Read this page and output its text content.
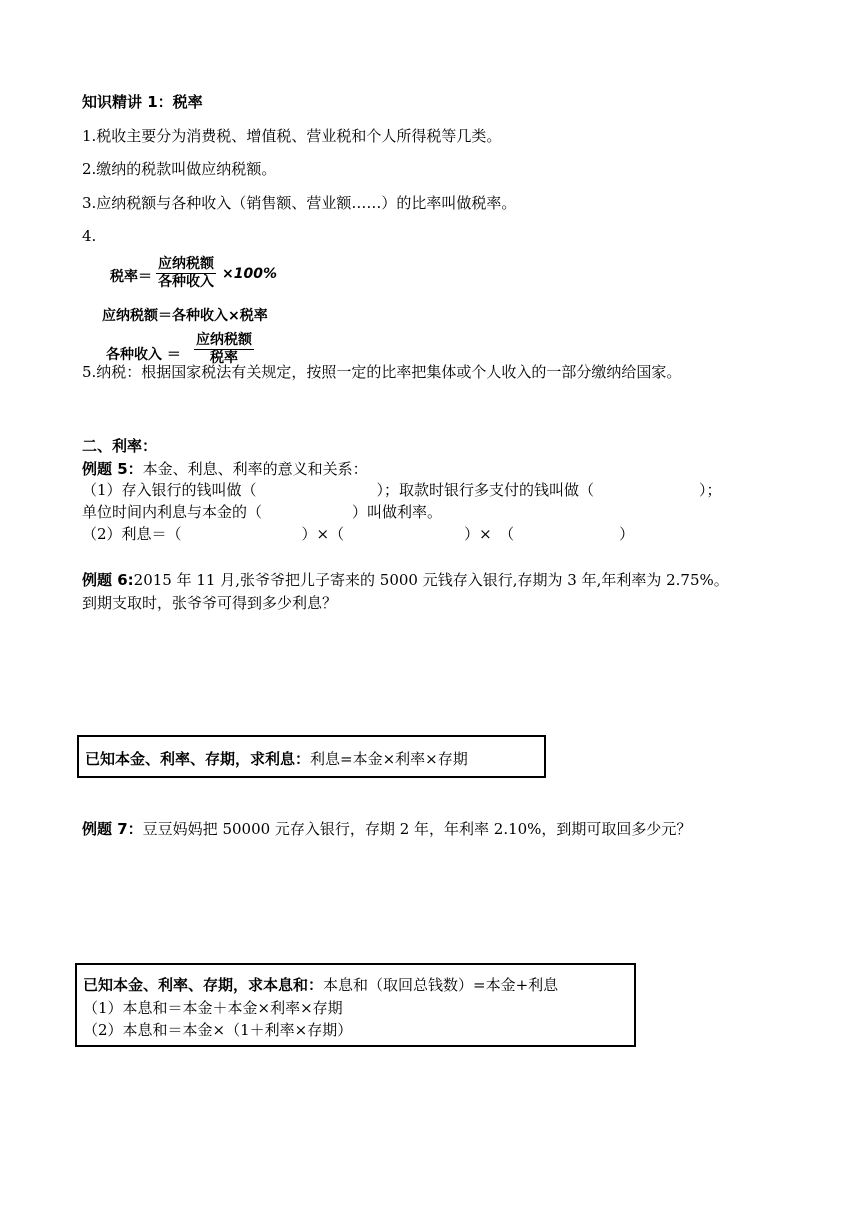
知识精讲 1：税率
1.税收主要分为消费税、增值税、营业税和个人所得税等几类。
2.缴纳的税款叫做应纳税额。
3.应纳税额与各种收入（销售额、营业额……）的比率叫做税率。
4.
税率＝
应纳税额
各种收入 ×100%
应纳税额＝各种收入×税率
各种收入 ＝
应纳税额
税率
5.纳税：根据国家税法有关规定，按照一定的比率把集体或个人收入的一部分缴纳给国家。
二、利率：
例题 5：本金、利息、利率的意义和关系：
（1）存入银行的钱叫做（　　　　　　　　）；取款时银行多支付的钱叫做（　　　　　　　）；
单位时间内利息与本金的（　　　　　　）叫做利率。
（2）利息＝（　　　　　　　　）×（　　　　　　　　）×　（　　　　　　　）
例题 6:2015 年 11 月,张爷爷把儿子寄来的 5000 元钱存入银行,存期为 3 年,年利率为 2.75%。
到期支取时，张爷爷可得到多少利息？
已知本金、利率、存期，求利息：利息=本金×利率×存期
例题 7：豆豆妈妈把 50000 元存入银行，存期 2 年，年利率 2.10%，到期可取回多少元？
已知本金、利率、存期，求本息和：本息和（取回总钱数）=本金+利息
（1）本息和＝本金＋本金×利率×存期
（2）本息和＝本金×（1＋利率×存期）
